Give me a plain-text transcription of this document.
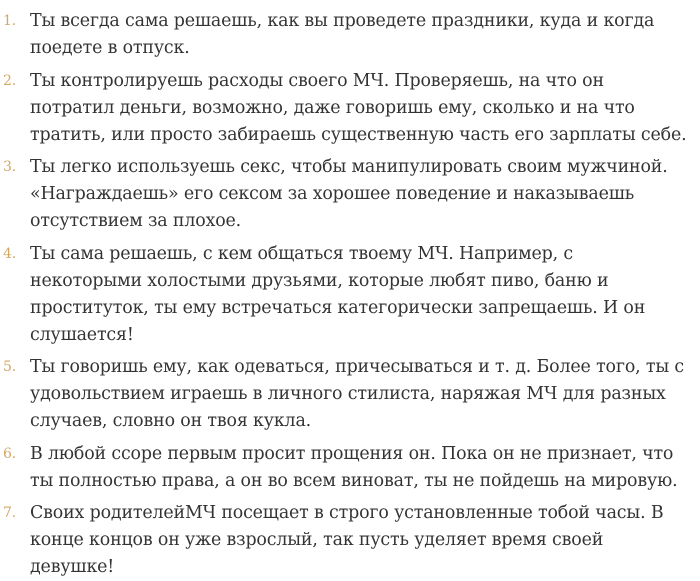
1. Ты всегда сама решаешь, как вы проведете праздники, куда и когда поедете в отпуск.
2. Ты контролируешь расходы своего МЧ. Проверяешь, на что он потратил деньги, возможно, даже говоришь ему, сколько и на что тратить, или просто забираешь существенную часть его зарплаты себе.
3. Ты легко используешь секс, чтобы манипулировать своим мужчиной. «Награждаешь» его сексом за хорошее поведение и наказываешь отсутствием за плохое.
4. Ты сама решаешь, с кем общаться твоему МЧ. Например, с некоторыми холостыми друзьями, которые любят пиво, баню и проституток, ты ему встречаться категорически запрещаешь. И он слушается!
5. Ты говоришь ему, как одеваться, причесываться и т. д. Более того, ты с удовольствием играешь в личного стилиста, наряжая МЧ для разных случаев, словно он твоя кукла.
6. В любой ссоре первым просит прощения он. Пока он не признает, что ты полностью права, а он во всем виноват, ты не пойдешь на мировую.
7. Своих родителейМЧ посещает в строго установленные тобой часы. В конце концов он уже взрослый, так пусть уделяет время своей девушке!
